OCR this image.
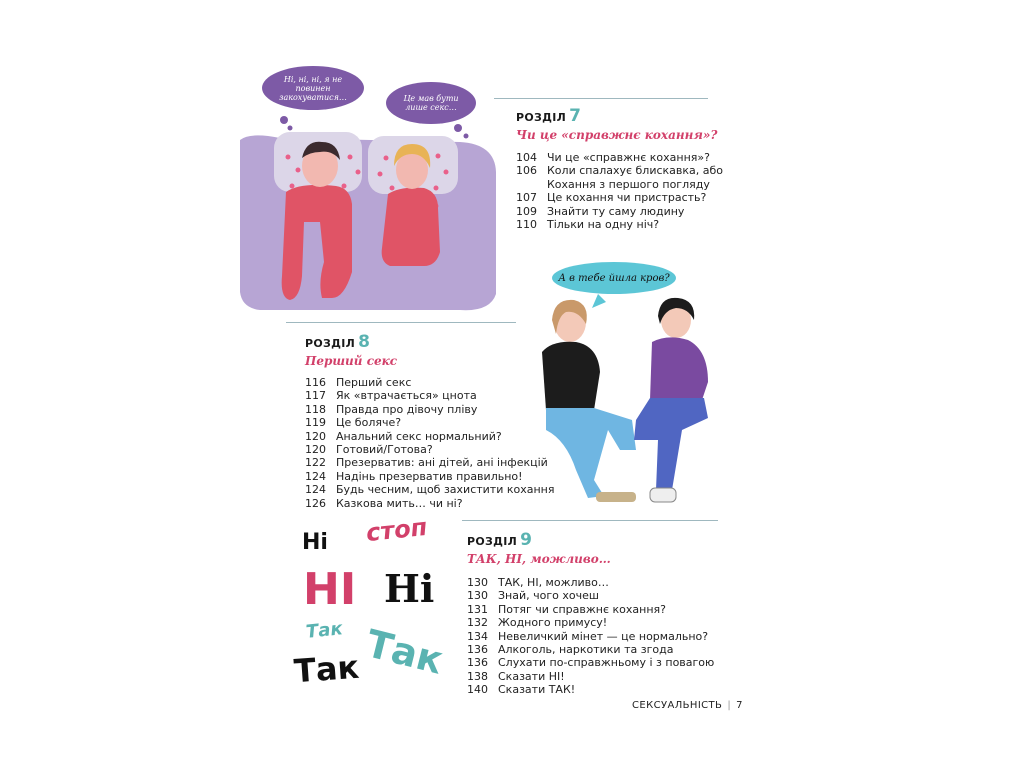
Ні, ні, ні, я не повинен закохуватися…	Це мав бути лише секс…
РОЗДІЛ 7
Чи це «справжнє кохання»?
104 Чи це «справжнє кохання»?
106 Коли спалахує блискавка, або
Кохання з першого погляду
107 Це кохання чи пристрасть?
109 Знайти ту саму людину
110 Тільки на одну ніч?
А в тебе йшла кров?
РОЗДІЛ 8
Перший секс
116 Перший секс
117 Як «втрачається» цнота
118 Правда про дівочу пліву
119 Це боляче?
120 Анальний секс нормальний?
120 Готовий/Готова?
122 Презерватив: ані дітей, ані інфекцій
124 Надінь презерватив правильно!
124 Будь чесним, щоб захистити кохання
126 Казкова мить… чи ні?
Ні стоп
НІ Ні
Так Так
Так
РОЗДІЛ 9
ТАК, НІ, можливо…
130 ТАК, НІ, можливо…
130 Знай, чого хочеш
131 Потяг чи справжнє кохання?
132 Жодного примусу!
134 Невеличкий мінет — це нормально?
136 Алкоголь, наркотики та згода
136 Слухати по-справжньому і з повагою
138 Сказати НІ!
140 Сказати ТАК!
СЕКСУАЛЬНІСТЬ | 7
